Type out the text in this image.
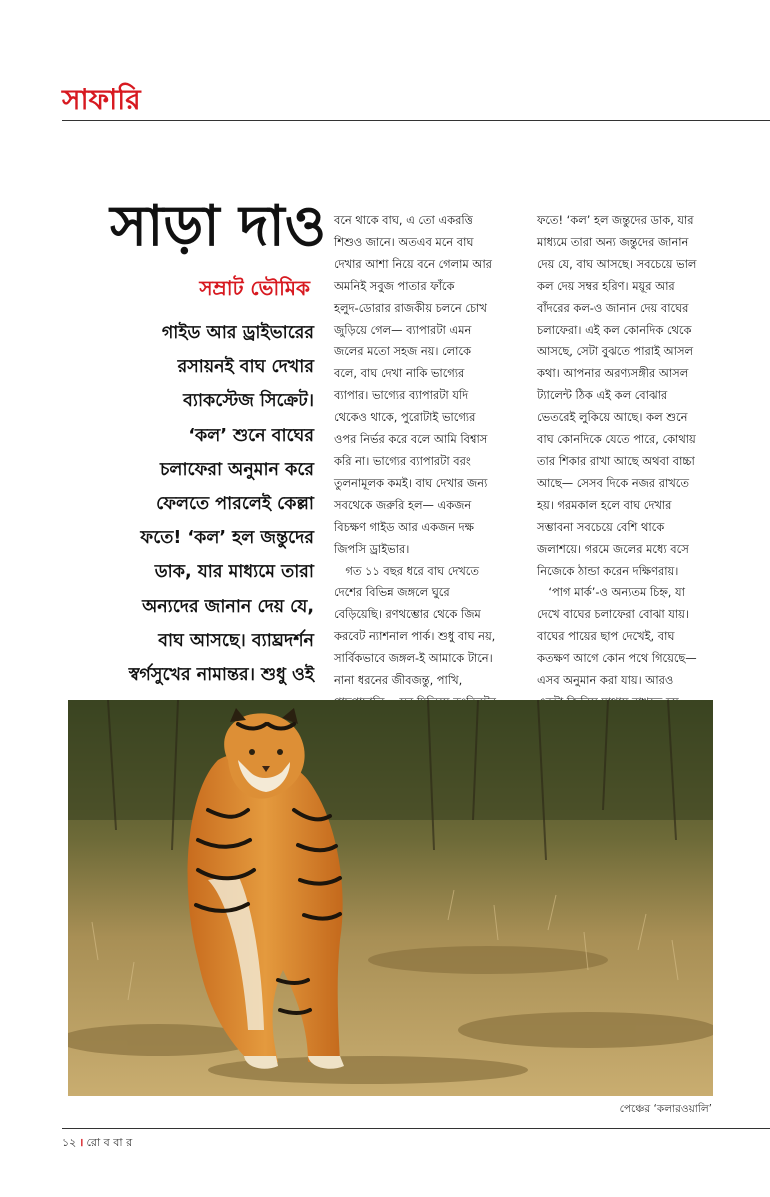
সাফারি
সাড়া দাও
সম্রাট ভৌমিক
গাইড আর ড্রাইভারের
রসায়নই বাঘ দেখার
ব্যাকস্টেজ সিক্রেট।
‘কল’ শুনে বাঘের
চলাফেরা অনুমান করে
ফেলতে পারলেই কেল্লা
ফতে! ‘কল’ হল জন্তুদের
ডাক, যার মাধ্যমে তারা
অন্যদের জানান দেয় যে,
বাঘ আসছে। ব্যাঘ্রদর্শন
স্বর্গসুখের নামান্তর। শুধু ওই
বনে থাকে বাঘ, এ তো একরত্তি
শিশুও জানে। অতএব মনে বাঘ
দেখার আশা নিয়ে বনে গেলাম আর
অমনিই সবুজ পাতার ফাঁকে
হলুদ-ডোরার রাজকীয় চলনে চোখ
জুড়িয়ে গেল— ব্যাপারটা এমন
জলের মতো সহজ নয়। লোকে
বলে, বাঘ দেখা নাকি ভাগ্যের
ব্যাপার। ভাগ্যের ব্যাপারটা যদি
থেকেও থাকে, পুরোটাই ভাগ্যের
ওপর নির্ভর করে বলে আমি বিশ্বাস
করি না। ভাগ্যের ব্যাপারটা বরং
তুলনামূলক কমই। বাঘ দেখার জন্য
সবথেকে জরুরি হল— একজন
বিচক্ষণ গাইড আর একজন দক্ষ
জিপসি ড্রাইভার।
　গত ১১ বছর ধরে বাঘ দেখতে
দেশের বিভিন্ন জঙ্গলে ঘুরে
বেড়িয়েছি। রণথম্ভোর থেকে জিম
করবেট ন্যাশনাল পার্ক। শুধু বাঘ নয়,
সার্বিকভাবে জঙ্গল-ই আমাকে টানে।
নানা ধরনের জীবজন্তু, পাখি,
ফতে! ‘কল’ হল জন্তুদের ডাক, যার
মাধ্যমে তারা অন্য জন্তুদের জানান
দেয় যে, বাঘ আসছে। সবচেয়ে ভাল
কল দেয় সম্বর হরিণ। ময়ূর আর
বাঁদরের কল-ও জানান দেয় বাঘের
চলাফেরা। এই কল কোনদিক থেকে
আসছে, সেটা বুঝতে পারাই আসল
কথা। আপনার অরণ্যসঙ্গীর আসল
ট্যালেন্ট ঠিক এই কল বোঝার
ভেতরেই লুকিয়ে আছে। কল শুনে
বাঘ কোনদিকে যেতে পারে, কোথায়
তার শিকার রাখা আছে অথবা বাচ্চা
আছে— সেসব দিকে নজর রাখতে
হয়। গরমকাল হলে বাঘ দেখার
সম্ভাবনা সবচেয়ে বেশি থাকে
জলাশয়ে। গরমে জলের মধ্যে বসে
নিজেকে ঠান্ডা করেন দক্ষিণরায়।
　‘পাগ মার্ক’-ও অন্যতম চিহ্ন, যা
দেখে বাঘের চলাফেরা বোঝা যায়।
বাঘের পায়ের ছাপ দেখেই, বাঘ
কতক্ষণ আগে কোন পথে গিয়েছে—
এসব অনুমান করা যায়। আরও
পেঞ্চের ‘কলারওয়ালি’
১২ । রো ব বা র
